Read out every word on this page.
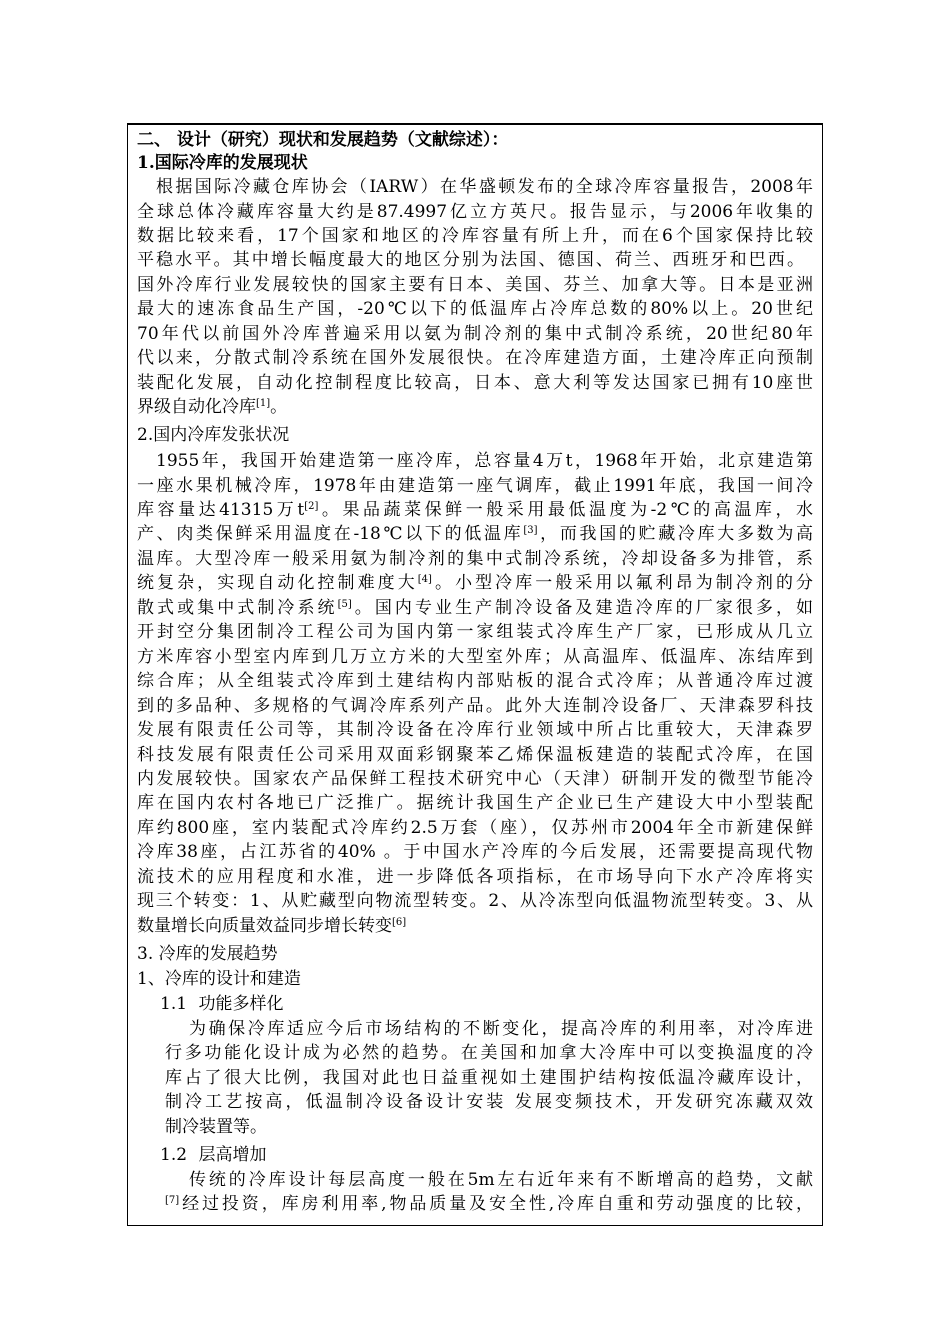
二、 设计（研究）现状和发展趋势（文献综述）：
1.国际冷库的发展现状
根据国际冷藏仓库协会（IARW）在华盛顿发布的全球冷库容量报告，2008年
全球总体冷藏库容量大约是87.4997亿立方英尺。报告显示，与2006年收集的
数据比较来看，17个国家和地区的冷库容量有所上升，而在6个国家保持比较
平稳水平。其中增长幅度最大的地区分别为法国、德国、荷兰、西班牙和巴西。
国外冷库行业发展较快的国家主要有日本、美国、芬兰、加拿大等。日本是亚洲
最大的速冻食品生产国，-20℃以下的低温库占冷库总数的80%以上。20世纪
70年代以前国外冷库普遍采用以氨为制冷剂的集中式制冷系统，20世纪80年
代以来，分散式制冷系统在国外发展很快。在冷库建造方面，土建冷库正向预制
装配化发展，自动化控制程度比较高，日本、意大利等发达国家已拥有10座世
界级自动化冷库[1]。
2.国内冷库发张状况
1955年，我国开始建造第一座冷库，总容量4万t，1968年开始，北京建造第
一座水果机械冷库，1978年由建造第一座气调库，截止1991年底，我国一间冷
库容量达41315万t[2]。果品蔬菜保鲜一般采用最低温度为-2℃的高温库，水
产、肉类保鲜采用温度在-18℃以下的低温库[3]，而我国的贮藏冷库大多数为高
温库。大型冷库一般采用氨为制冷剂的集中式制冷系统，冷却设备多为排管，系
统复杂，实现自动化控制难度大[4]。小型冷库一般采用以氟利昂为制冷剂的分
散式或集中式制冷系统[5]。国内专业生产制冷设备及建造冷库的厂家很多，如
开封空分集团制冷工程公司为国内第一家组装式冷库生产厂家，已形成从几立
方米库容小型室内库到几万立方米的大型室外库；从高温库、低温库、冻结库到
综合库；从全组装式冷库到土建结构内部贴板的混合式冷库；从普通冷库过渡
到的多品种、多规格的气调冷库系列产品。此外大连制冷设备厂、天津森罗科技
发展有限责任公司等，其制冷设备在冷库行业领域中所占比重较大，天津森罗
科技发展有限责任公司采用双面彩钢聚苯乙烯保温板建造的装配式冷库，在国
内发展较快。国家农产品保鲜工程技术研究中心（天津）研制开发的微型节能冷
库在国内农村各地已广泛推广。据统计我国生产企业已生产建设大中小型装配
库约800座，室内装配式冷库约2.5万套（座），仅苏州市2004年全市新建保鲜
冷库38座，占江苏省的40% 。于中国水产冷库的今后发展，还需要提高现代物
流技术的应用程度和水准，进一步降低各项指标，在市场导向下水产冷库将实
现三个转变：1、从贮藏型向物流型转变。2、从冷冻型向低温物流型转变。3、从
数量增长向质量效益同步增长转变[6]
3. 冷库的发展趋势
1、冷库的设计和建造
1.1 功能多样化
为确保冷库适应今后市场结构的不断变化，提高冷库的利用率，对冷库进
行多功能化设计成为必然的趋势。在美国和加拿大冷库中可以变换温度的冷
库占了很大比例，我国对此也日益重视如土建围护结构按低温冷藏库设计，
制冷工艺按高，低温制冷设备设计安装 发展变频技术，开发研究冻藏双效
制冷装置等。
1.2 层高增加
传统的冷库设计每层高度一般在5m左右近年来有不断增高的趋势，文献
[7]经过投资，库房利用率,物品质量及安全性,冷库自重和劳动强度的比较，
